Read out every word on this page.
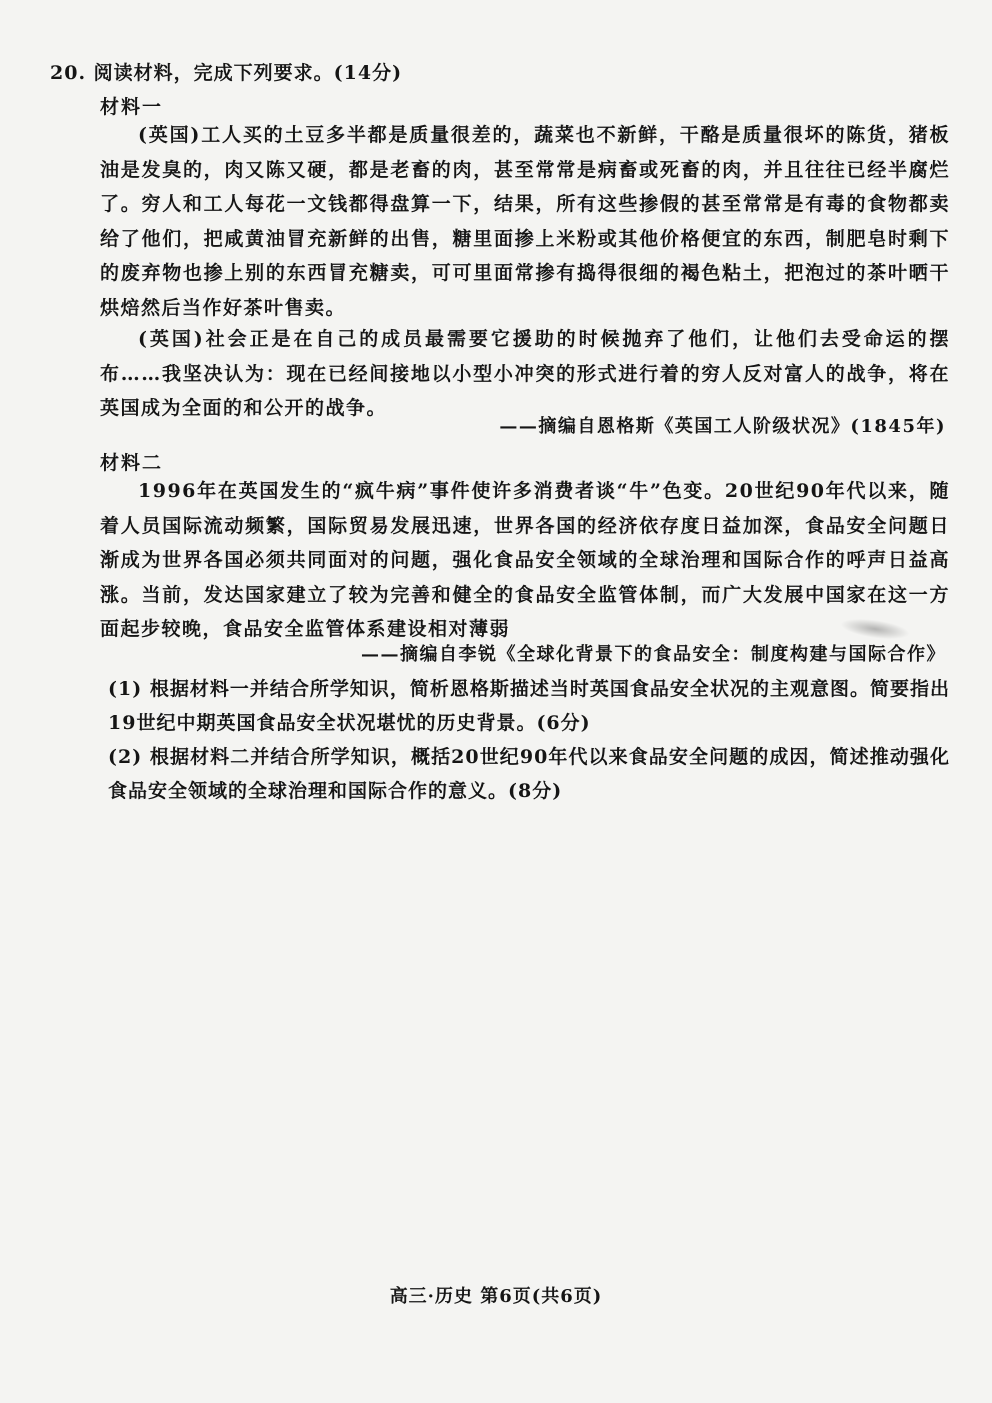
20. 阅读材料，完成下列要求。(14分)
材料一

(英国)工人买的土豆多半都是质量很差的，蔬菜也不新鲜，干酪是质量很坏的陈货，猪板油是发臭的，肉又陈又硬，都是老畜的肉，甚至常常是病畜或死畜的肉，并且往往已经半腐烂了。穷人和工人每花一文钱都得盘算一下，结果，所有这些掺假的甚至常常是有毒的食物都卖给了他们，把咸黄油冒充新鲜的出售，糖里面掺上米粉或其他价格便宜的东西，制肥皂时剩下的废弃物也掺上别的东西冒充糖卖，可可里面常掺有捣得很细的褐色粘土，把泡过的茶叶晒干烘焙然后当作好茶叶售卖。

(英国)社会正是在自己的成员最需要它援助的时候抛弃了他们，让他们去受命运的摆布……我坚决认为：现在已经间接地以小型小冲突的形式进行着的穷人反对富人的战争，将在英国成为全面的和公开的战争。

——摘编自恩格斯《英国工人阶级状况》(1845年)
材料二

1996年在英国发生的“疯牛病”事件使许多消费者谈“牛”色变。20世纪90年代以来，随着人员国际流动频繁，国际贸易发展迅速，世界各国的经济依存度日益加深，食品安全问题日渐成为世界各国必须共同面对的问题，强化食品安全领域的全球治理和国际合作的呼声日益高涨。当前，发达国家建立了较为完善和健全的食品安全监管体制，而广大发展中国家在这一方面起步较晚，食品安全监管体系建设相对薄弱

——摘编自李锐《全球化背景下的食品安全：制度构建与国际合作》

(1) 根据材料一并结合所学知识，简析恩格斯描述当时英国食品安全状况的主观意图。简要指出19世纪中期英国食品安全状况堪忧的历史背景。(6分)

(2) 根据材料二并结合所学知识，概括20世纪90年代以来食品安全问题的成因，简述推动强化食品安全领域的全球治理和国际合作的意义。(8分)

高三·历史 第6页(共6页)
